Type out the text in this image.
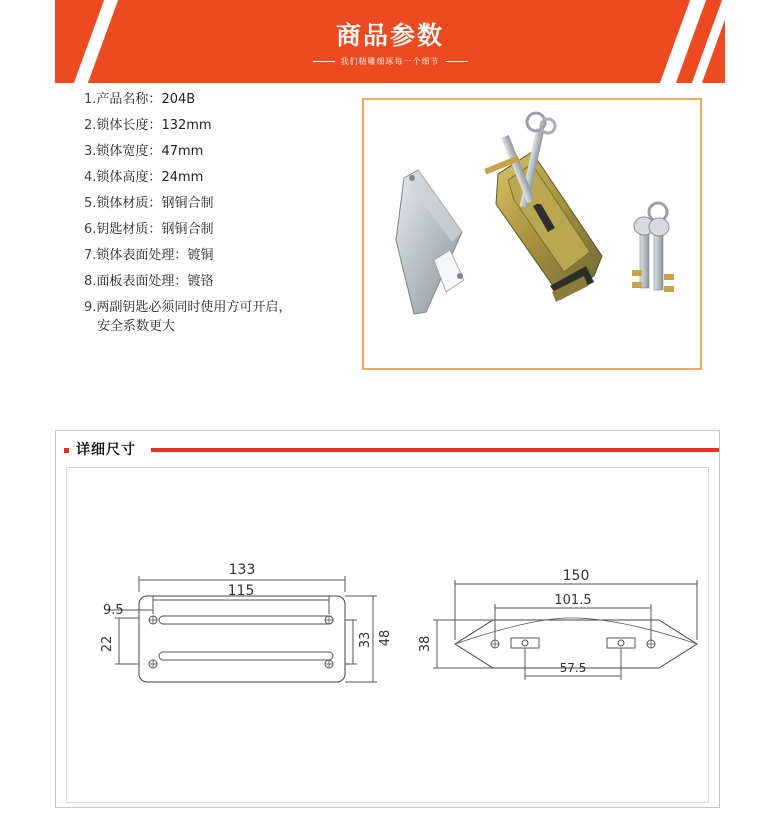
商品参数
我们精雕细琢每一个细节
1.产品名称：204B
2.锁体长度：132mm
3.锁体宽度：47mm
4.锁体高度：24mm
5.锁体材质：钢铜合制
6.钥匙材质：钢铜合制
7.锁体表面处理：镀铜
8.面板表面处理：镀铬
9.两副钥匙必须同时使用方可开启，
安全系数更大
详细尺寸
133
115
9.5
22	33 48
150
101.5
57.5
38
